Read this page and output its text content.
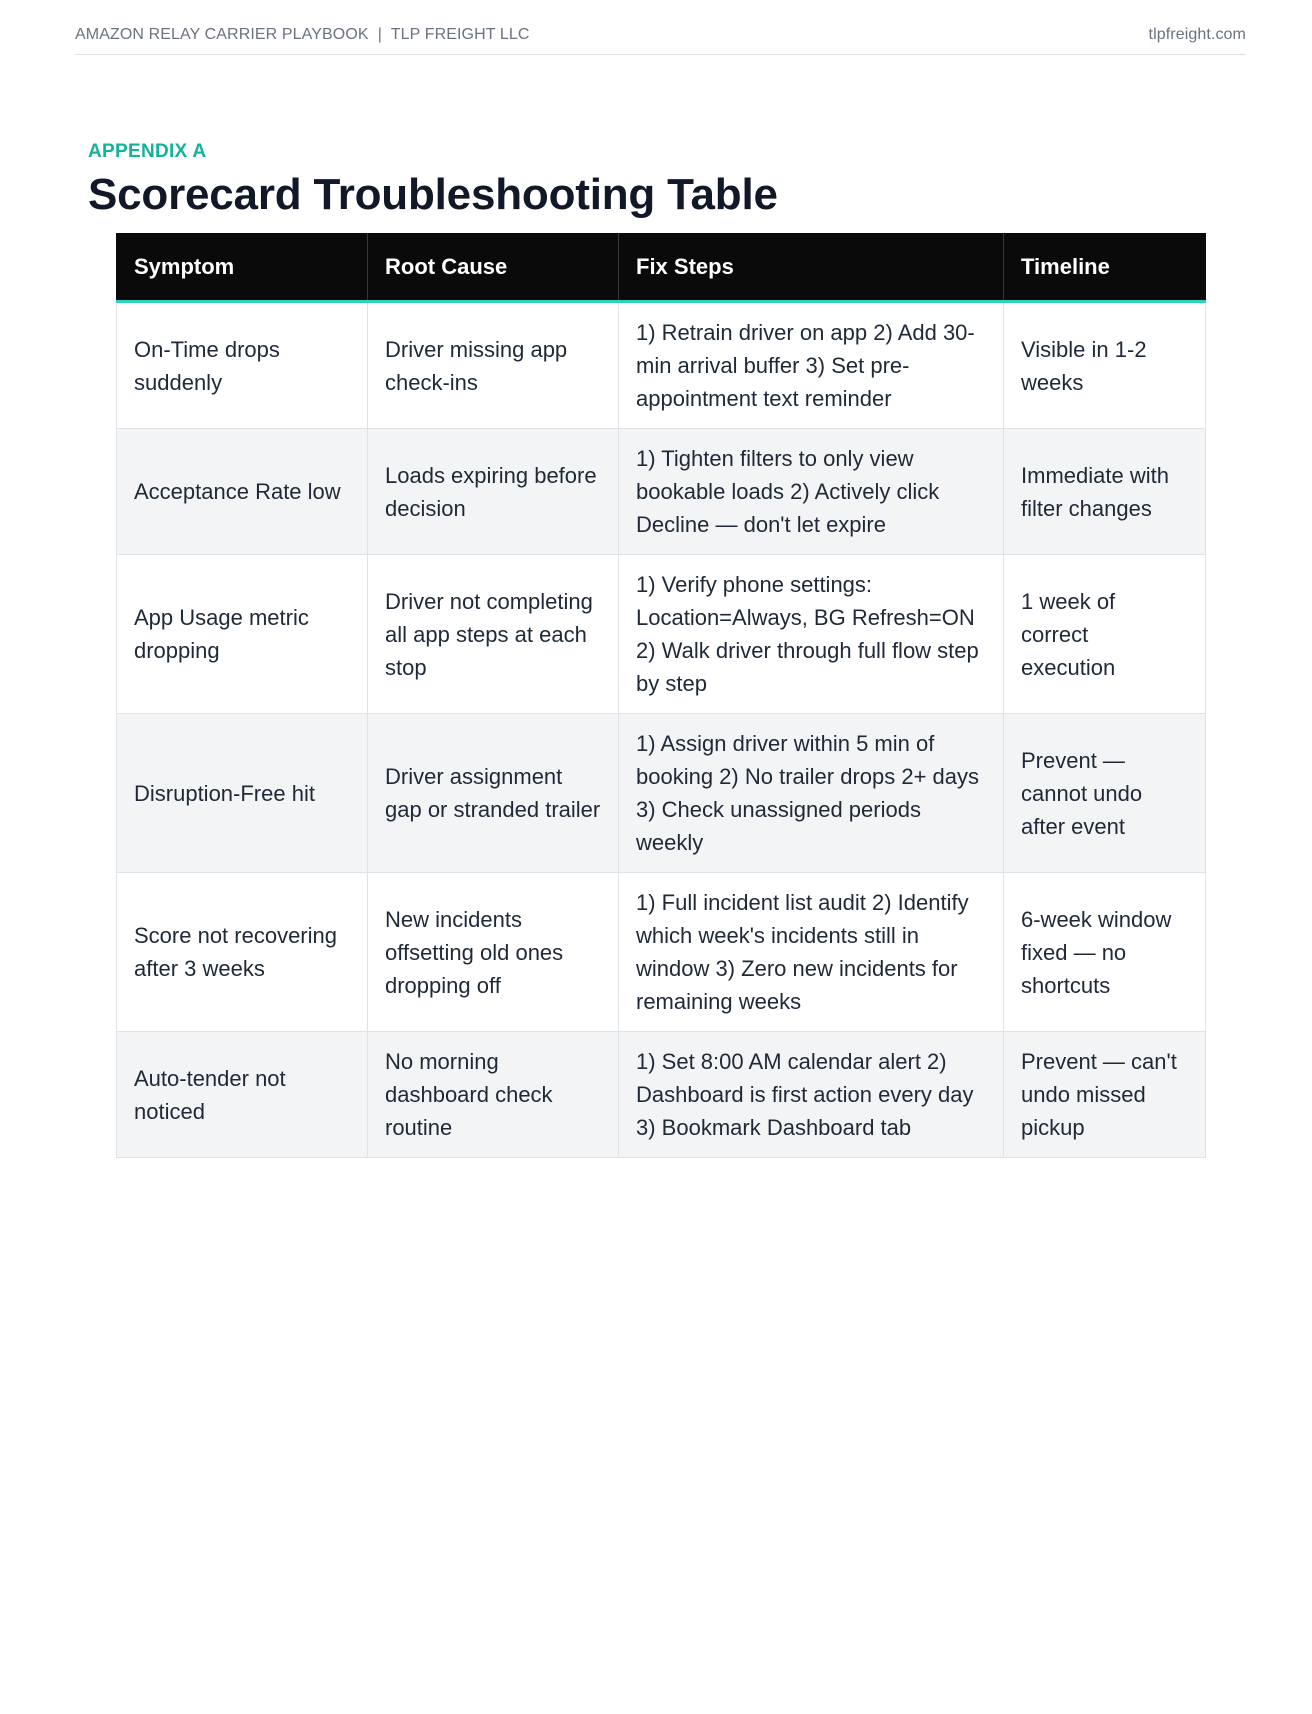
AMAZON RELAY CARRIER PLAYBOOK  |  TLP FREIGHT LLC	tlpfreight.com
APPENDIX A
Scorecard Troubleshooting Table
Symptom	Root Cause	Fix Steps	Timeline
On-Time drops suddenly	Driver missing app check-ins	1) Retrain driver on app 2) Add 30-min arrival buffer 3) Set pre-appointment text reminder	Visible in 1-2 weeks
Acceptance Rate low	Loads expiring before decision	1) Tighten filters to only view bookable loads 2) Actively click Decline — don't let expire	Immediate with filter changes
App Usage metric dropping	Driver not completing all app steps at each stop	1) Verify phone settings: Location=Always, BG Refresh=ON 2) Walk driver through full flow step by step	1 week of correct execution
Disruption-Free hit	Driver assignment gap or stranded trailer	1) Assign driver within 5 min of booking 2) No trailer drops 2+ days 3) Check unassigned periods weekly	Prevent — cannot undo after event
Score not recovering after 3 weeks	New incidents offsetting old ones dropping off	1) Full incident list audit 2) Identify which week's incidents still in window 3) Zero new incidents for remaining weeks	6-week window fixed — no shortcuts
Auto-tender not noticed	No morning dashboard check routine	1) Set 8:00 AM calendar alert 2) Dashboard is first action every day 3) Bookmark Dashboard tab	Prevent — can't undo missed pickup
